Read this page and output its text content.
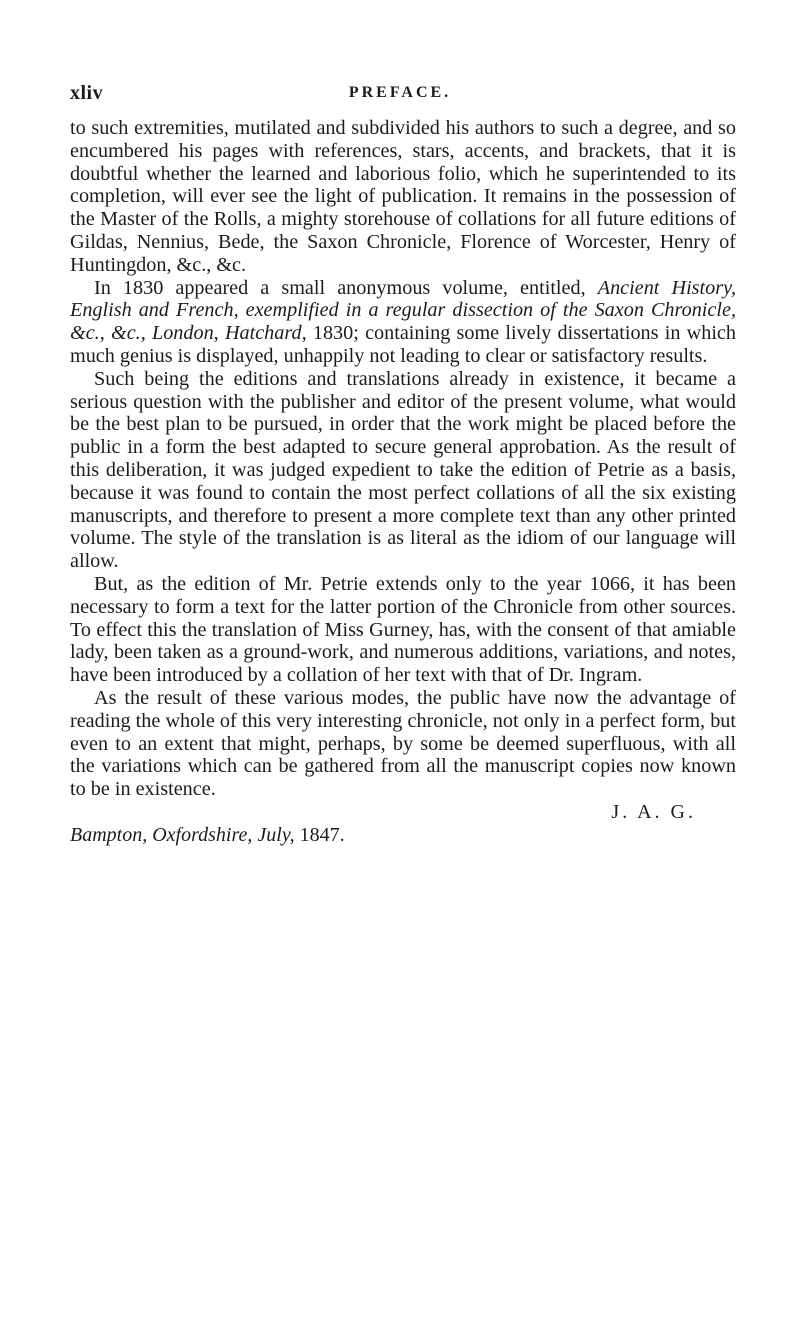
xliv	PREFACE.

to such extremities, mutilated and subdivided his authors to such a degree, and so encumbered his pages with references, stars, accents, and brackets, that it is doubtful whether the learned and laborious folio, which he superintended to its completion, will ever see the light of publication. It remains in the possession of the Master of the Rolls, a mighty storehouse of collations for all future editions of Gildas, Nennius, Bede, the Saxon Chronicle, Florence of Worcester, Henry of Huntingdon, &c., &c.

In 1830 appeared a small anonymous volume, entitled, Ancient History, English and French, exemplified in a regular dissection of the Saxon Chronicle, &c., &c., London, Hatchard, 1830; containing some lively dissertations in which much genius is displayed, unhappily not leading to clear or satisfactory results.

Such being the editions and translations already in existence, it became a serious question with the publisher and editor of the present volume, what would be the best plan to be pursued, in order that the work might be placed before the public in a form the best adapted to secure general approbation. As the result of this deliberation, it was judged expedient to take the edition of Petrie as a basis, because it was found to contain the most perfect collations of all the six existing manuscripts, and therefore to present a more complete text than any other printed volume. The style of the translation is as literal as the idiom of our language will allow.

But, as the edition of Mr. Petrie extends only to the year 1066, it has been necessary to form a text for the latter portion of the Chronicle from other sources. To effect this the translation of Miss Gurney, has, with the consent of that amiable lady, been taken as a ground-work, and numerous additions, variations, and notes, have been introduced by a collation of her text with that of Dr. Ingram.

As the result of these various modes, the public have now the advantage of reading the whole of this very interesting chronicle, not only in a perfect form, but even to an extent that might, perhaps, by some be deemed superfluous, with all the variations which can be gathered from all the manuscript copies now known to be in existence.

J. A. G.

Bampton, Oxfordshire, July, 1847.
